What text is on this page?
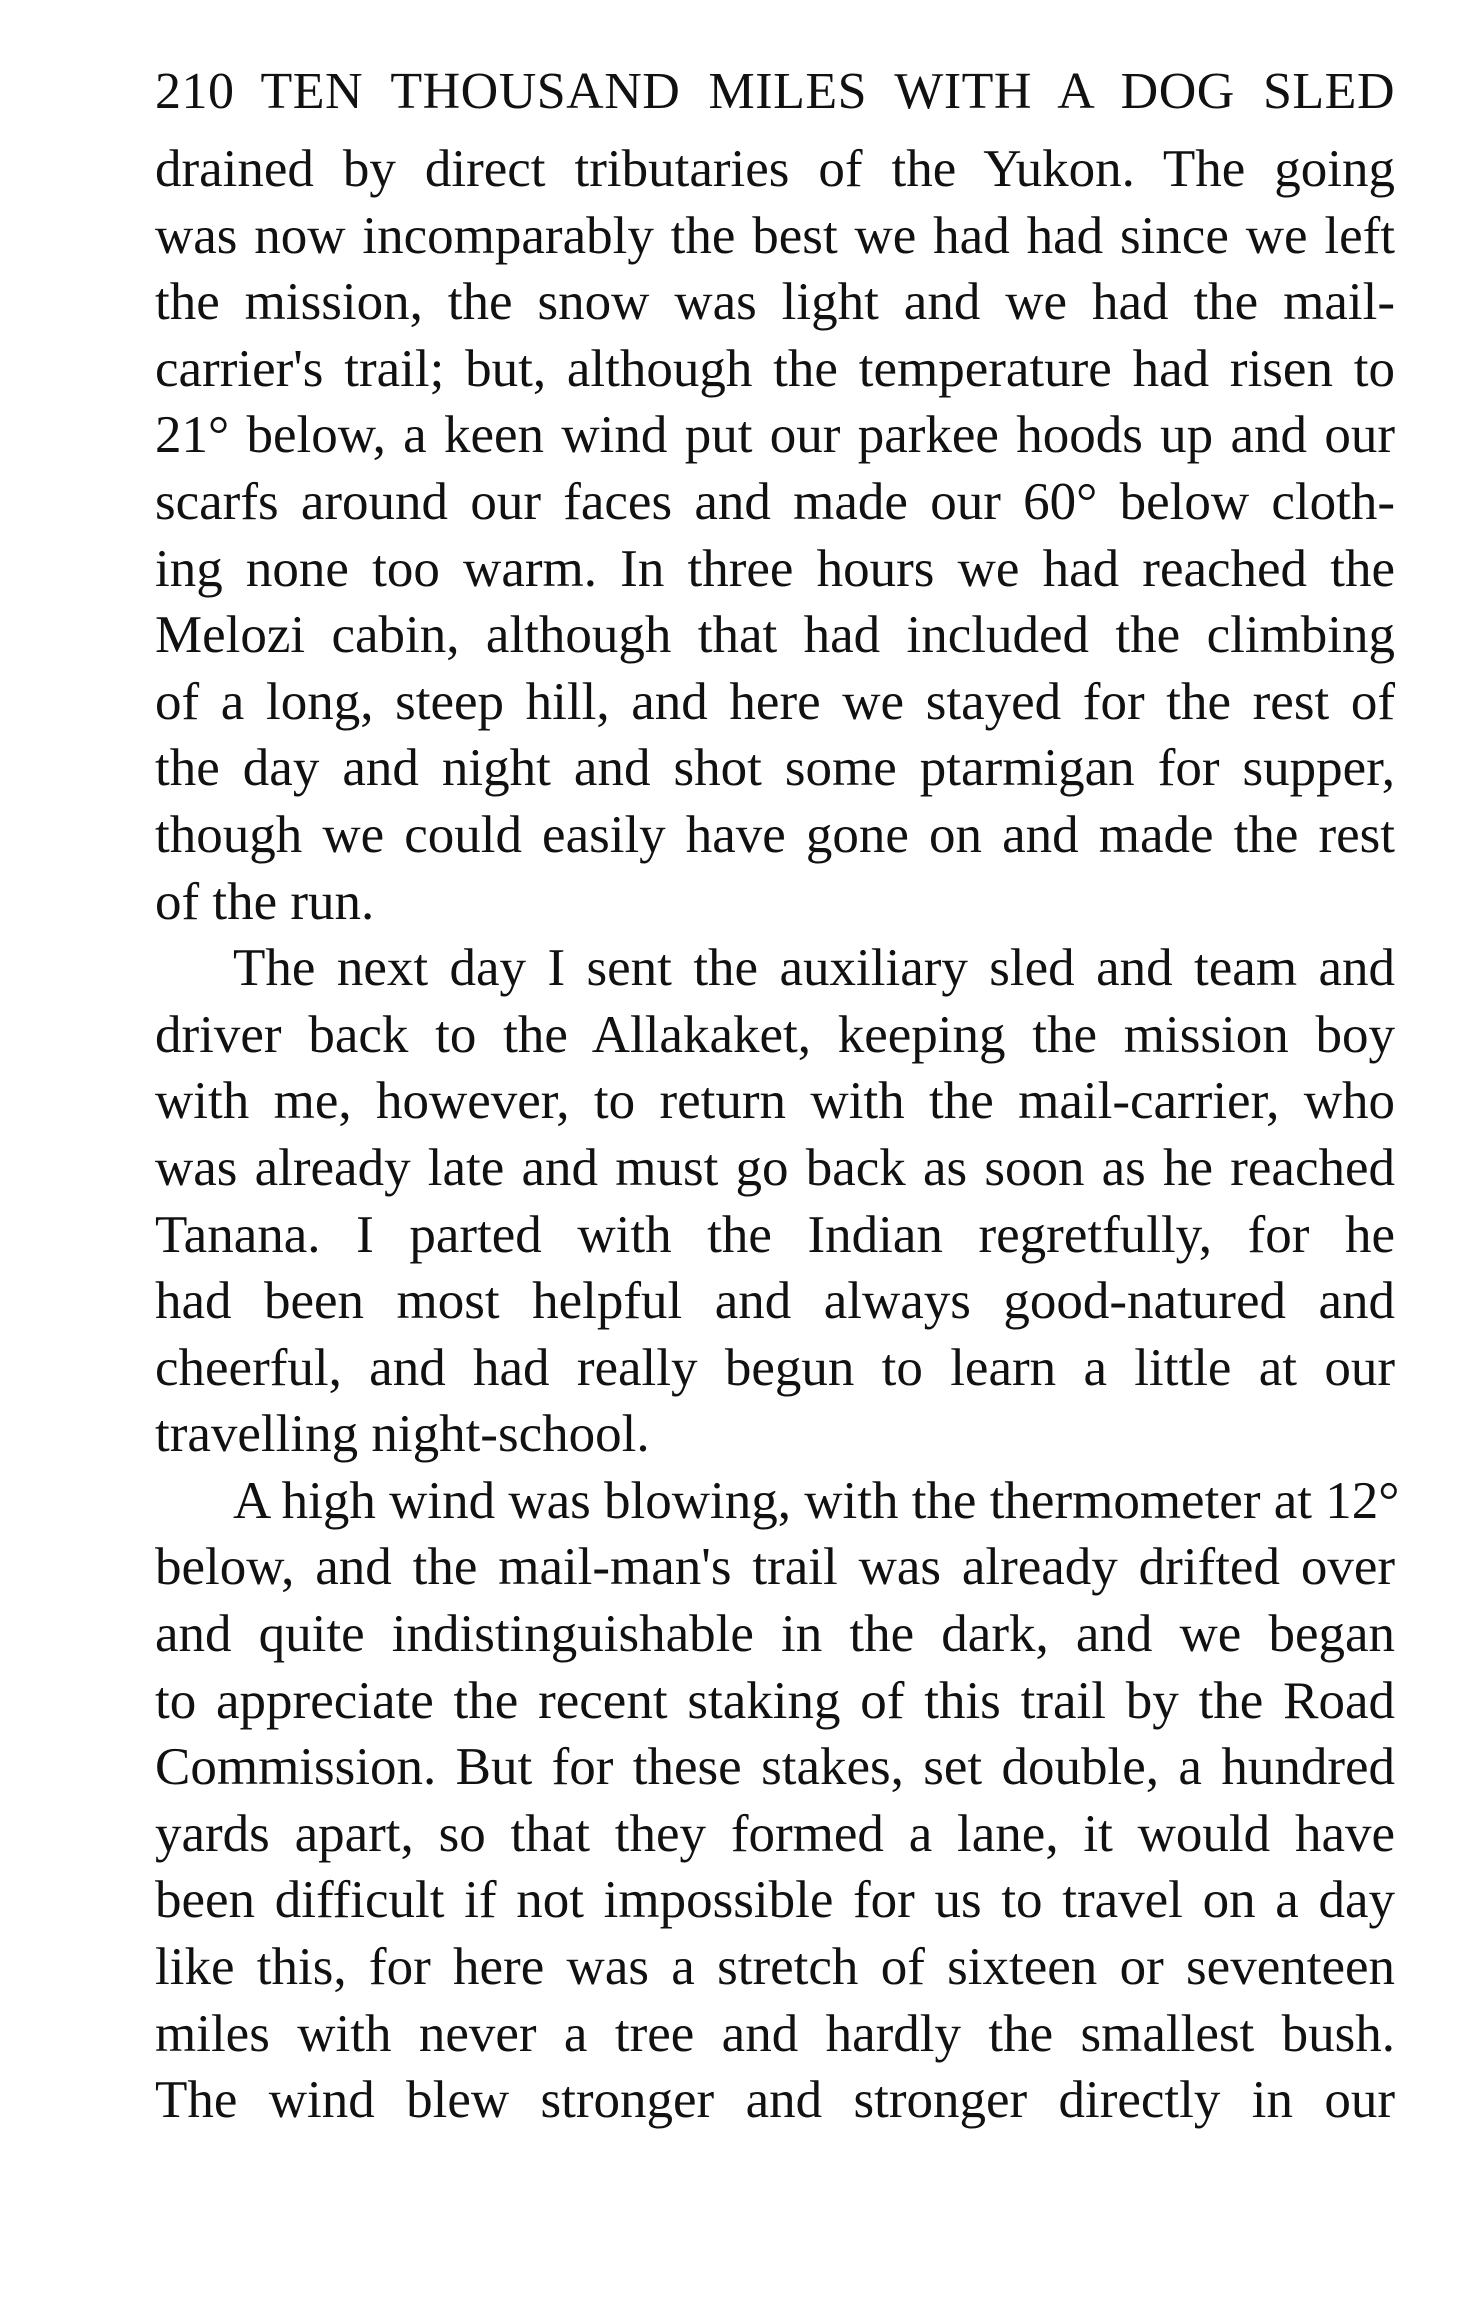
210 TEN THOUSAND MILES WITH A DOG SLED
drained by direct tributaries of the Yukon. The going
was now incomparably the best we had had since we left
the mission, the snow was light and we had the mail-
carrier's trail; but, although the temperature had risen to
21° below, a keen wind put our parkee hoods up and our
scarfs around our faces and made our 60° below cloth-
ing none too warm. In three hours we had reached the
Melozi cabin, although that had included the climbing
of a long, steep hill, and here we stayed for the rest of
the day and night and shot some ptarmigan for supper,
though we could easily have gone on and made the rest
of the run.
The next day I sent the auxiliary sled and team and
driver back to the Allakaket, keeping the mission boy
with me, however, to return with the mail-carrier, who
was already late and must go back as soon as he reached
Tanana. I parted with the Indian regretfully, for he
had been most helpful and always good-natured and
cheerful, and had really begun to learn a little at our
travelling night-school.
A high wind was blowing, with the thermometer at 12°
below, and the mail-man's trail was already drifted over
and quite indistinguishable in the dark, and we began
to appreciate the recent staking of this trail by the Road
Commission. But for these stakes, set double, a hundred
yards apart, so that they formed a lane, it would have
been difficult if not impossible for us to travel on a day
like this, for here was a stretch of sixteen or seventeen
miles with never a tree and hardly the smallest bush.
The wind blew stronger and stronger directly in our
